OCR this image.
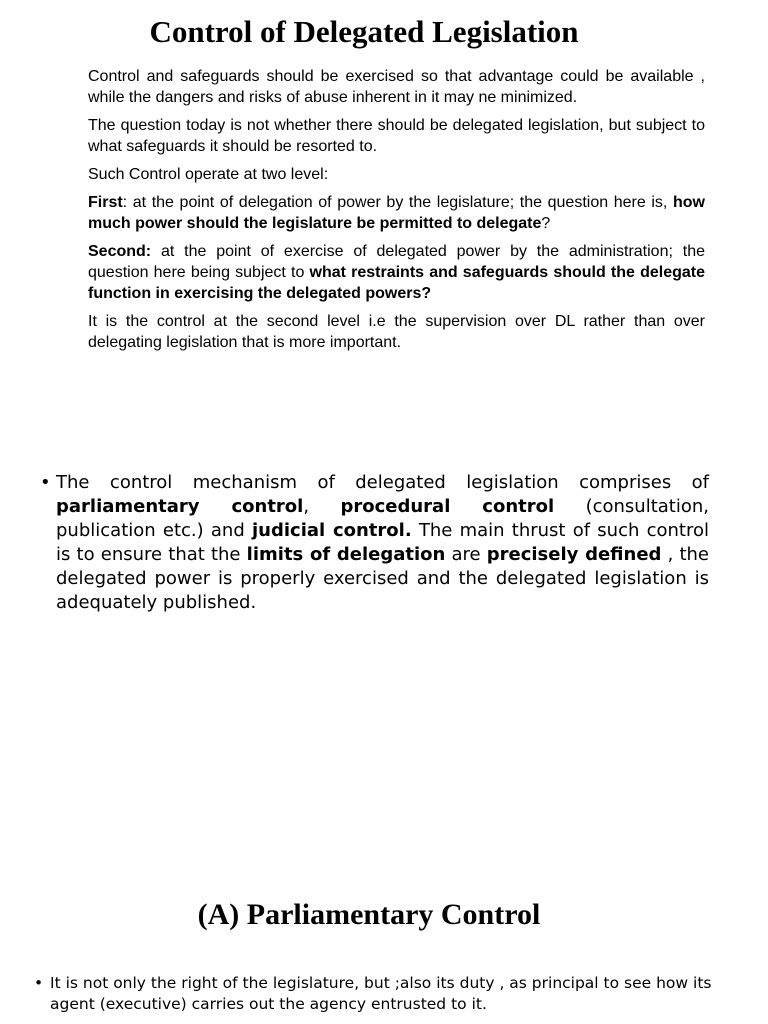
Control of Delegated Legislation

Control and safeguards should be exercised so that advantage could be available , while the dangers and risks of abuse inherent in it may ne minimized.

The question today is not whether there should be delegated legislation, but subject to what safeguards it should be resorted to.

Such Control operate at two level:

First: at the point of delegation of power by the legislature; the question here is, how much power should the legislature be permitted to delegate?

Second: at the point of exercise of delegated power by the administration; the question here being subject to what restraints and safeguards should the delegate function in exercising the delegated powers?

It is the control at the second level i.e the supervision over DL rather than over delegating legislation that is more important.

• The control mechanism of delegated legislation comprises of parliamentary control, procedural control (consultation, publication etc.) and judicial control. The main thrust of such control is to ensure that the limits of delegation are precisely defined , the delegated power is properly exercised and the delegated legislation is adequately published.
(A) Parliamentary Control
• It is not only the right of the legislature, but ;also its duty , as principal to see how its agent (executive) carries out the agency entrusted to it.
